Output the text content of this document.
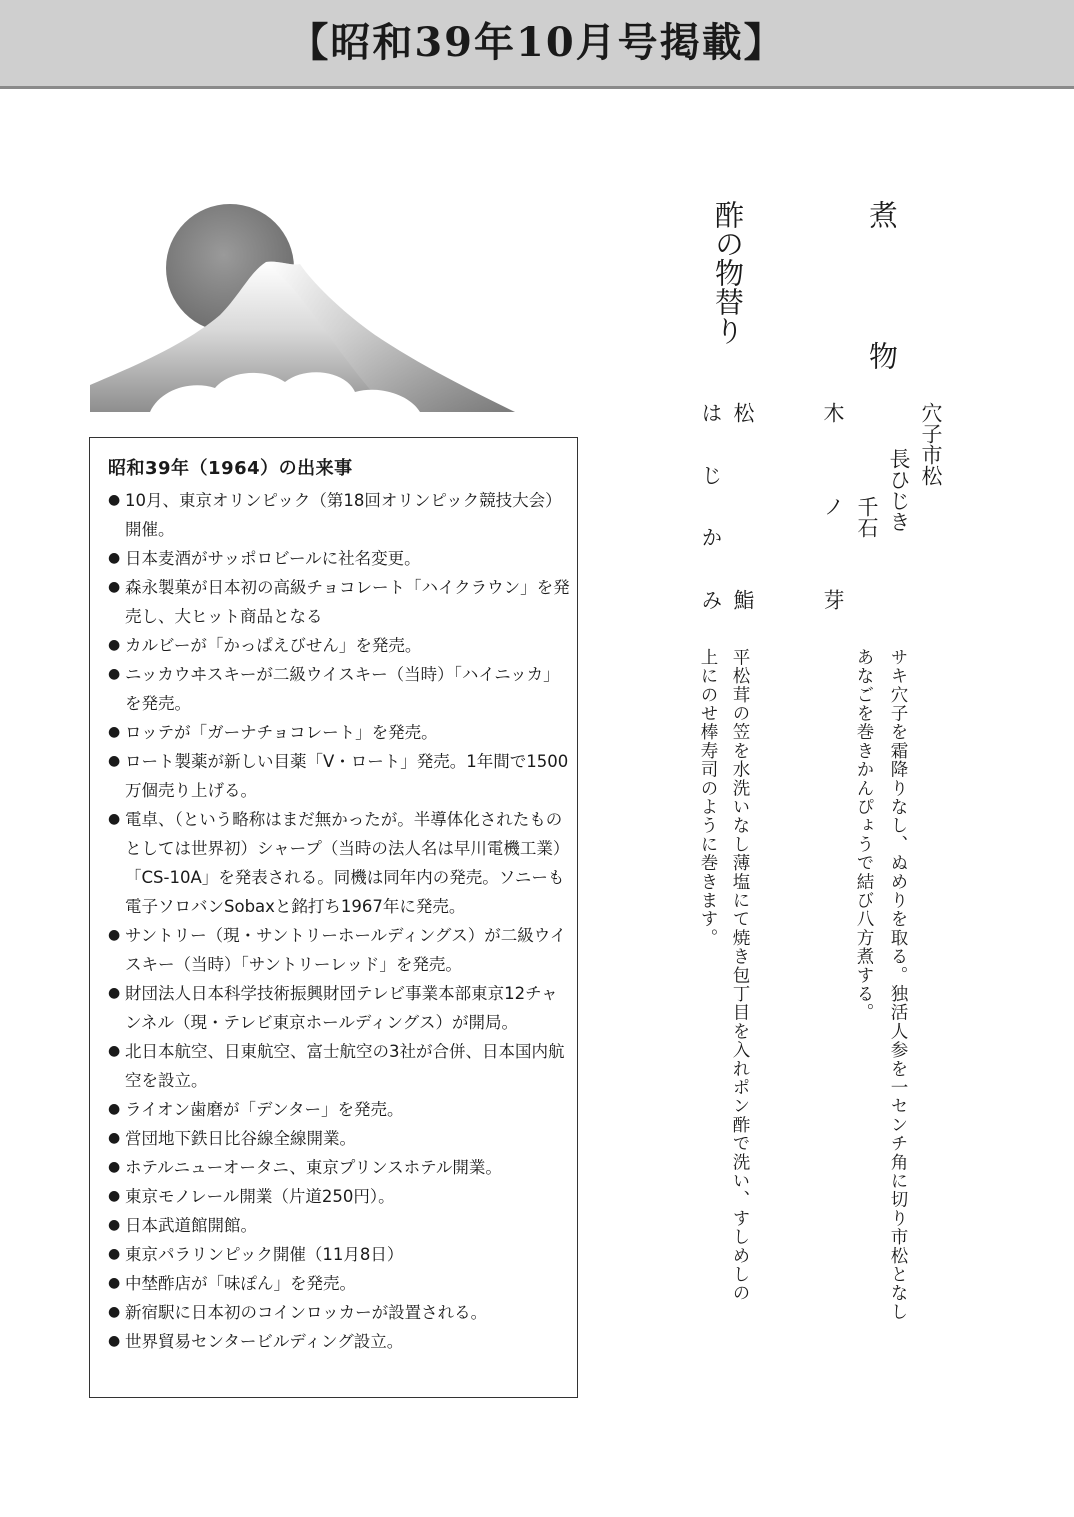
【昭和39年10月号掲載】
昭和39年（1964）の出来事
● 10月、東京オリンピック（第18回オリンピック競技大会）開催。
● 日本麦酒がサッポロビールに社名変更。
● 森永製菓が日本初の高級チョコレート「ハイクラウン」を発売し、大ヒット商品となる
● カルビーが「かっぱえびせん」を発売。
● ニッカウヰスキーが二級ウイスキー（当時）「ハイニッカ」を発売。
● ロッテが「ガーナチョコレート」を発売。
● ロート製薬が新しい目薬「V・ロート」発売。1年間で1500万個売り上げる。
● 電卓、（という略称はまだ無かったが。半導体化されたものとしては世界初）シャープ（当時の法人名は早川電機工業）「CS-10A」を発表される。同機は同年内の発売。ソニーも電子ソロバンSobaxと銘打ち1967年に発売。
● サントリー（現・サントリーホールディングス）が二級ウイスキー（当時）「サントリーレッド」を発売。
● 財団法人日本科学技術振興財団テレビ事業本部東京12チャンネル（現・テレビ東京ホールディングス）が開局。
● 北日本航空、日東航空、富士航空の3社が合併、日本国内航空を設立。
● ライオン歯磨が「デンター」を発売。
● 営団地下鉄日比谷線全線開業。
● ホテルニューオータニ、東京プリンスホテル開業。
● 東京モノレール開業（片道250円）。
● 日本武道館開館。
● 東京パラリンピック開催（11月8日）
● 中埜酢店が「味ぽん」を発売。
● 新宿駅に日本初のコインロッカーが設置される。
● 世界貿易センタービルディング設立。
煮　　物
穴子市松
長ひじき
千石
木ノ芽
サキ穴子を霜降りなし、ぬめりを取る。独活人参を一センチ角に切り市松となし
あなごを巻きかんぴょうで結び八方煮する。
酢の物替り
松　鮨
はじかみ
平松茸の笠を水洗いなし薄塩にて焼き包丁目を入れポン酢で洗い、すしめしの
上にのせ棒寿司のように巻きます。
